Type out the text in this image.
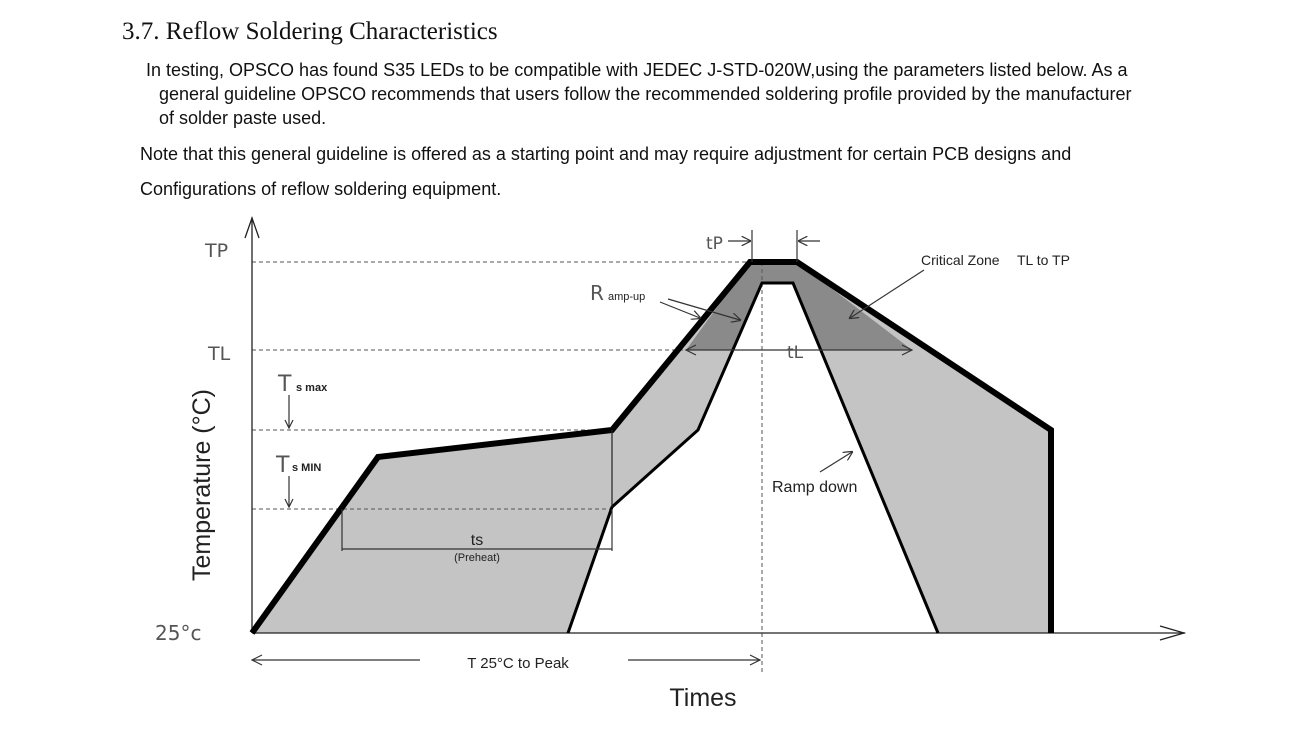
3.7. Reflow Soldering Characteristics
In testing, OPSCO has found S35 LEDs to be compatible with JEDEC J-STD-020W,using the parameters listed below. As a
general guideline OPSCO recommends that users follow the recommended soldering profile provided by the manufacturer
of solder paste used.
Note that this general guideline is offered as a starting point and may require adjustment for certain PCB designs and
Configurations of reflow soldering equipment.
TP
TL
T s max
T s MIN
25°c
tP
tL
R amp-up
Critical Zone TL to TP
Ramp down
ts
(Preheat)
T 25°C to Peak
Times
Temperature (°C)
